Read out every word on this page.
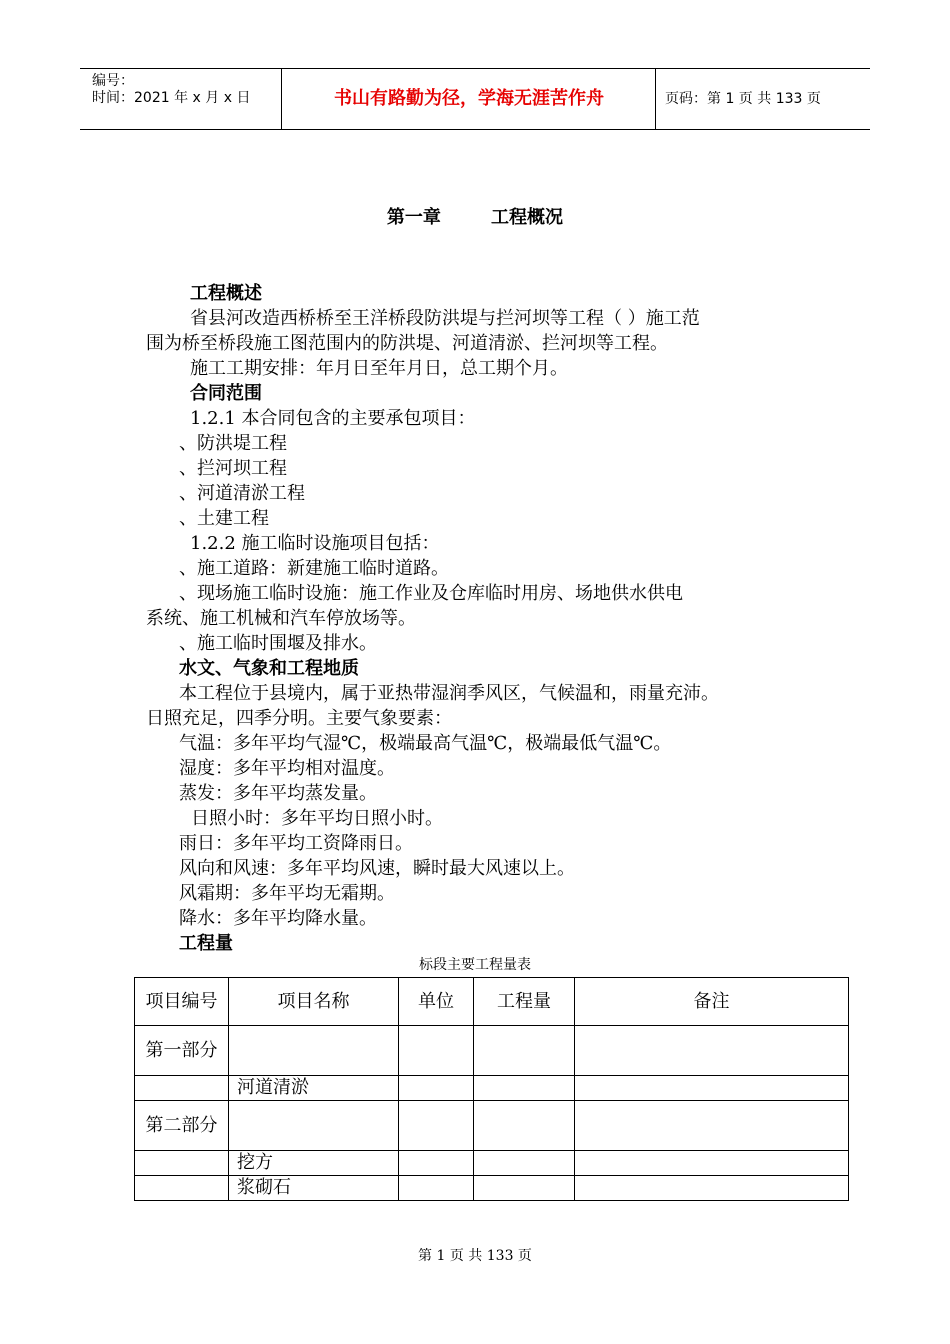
编号：
时间：2021 年 x 月 x 日	书山有路勤为径，学海无涯苦作舟	页码：第 1 页 共 133 页
第一章        工程概况
工程概述
省县河改造西桥桥至王洋桥段防洪堤与拦河坝等工程（ ）施工范
围为桥至桥段施工图范围内的防洪堤、河道清淤、拦河坝等工程。
施工工期安排：年月日至年月日，总工期个月。
合同范围
1.2.1 本合同包含的主要承包项目：
、防洪堤工程
、拦河坝工程
、河道清淤工程
、土建工程
1.2.2 施工临时设施项目包括：
、施工道路：新建施工临时道路。
、现场施工临时设施：施工作业及仓库临时用房、场地供水供电
系统、施工机械和汽车停放场等。
、施工临时围堰及排水。
水文、气象和工程地质
本工程位于县境内，属于亚热带湿润季风区，气候温和，雨量充沛。
日照充足，四季分明。主要气象要素：
气温：多年平均气湿℃，极端最高气温℃，极端最低气温℃。
湿度：多年平均相对温度。
蒸发：多年平均蒸发量。
日照小时：多年平均日照小时。
雨日：多年平均工资降雨日。
风向和风速：多年平均风速，瞬时最大风速以上。
风霜期：多年平均无霜期。
降水：多年平均降水量。
工程量
标段主要工程量表
项目编号	项目名称	单位	工程量	备注
第一部分				
	河道清淤			
第二部分				
	挖方			
	浆砌石			
第 1 页 共 133 页
